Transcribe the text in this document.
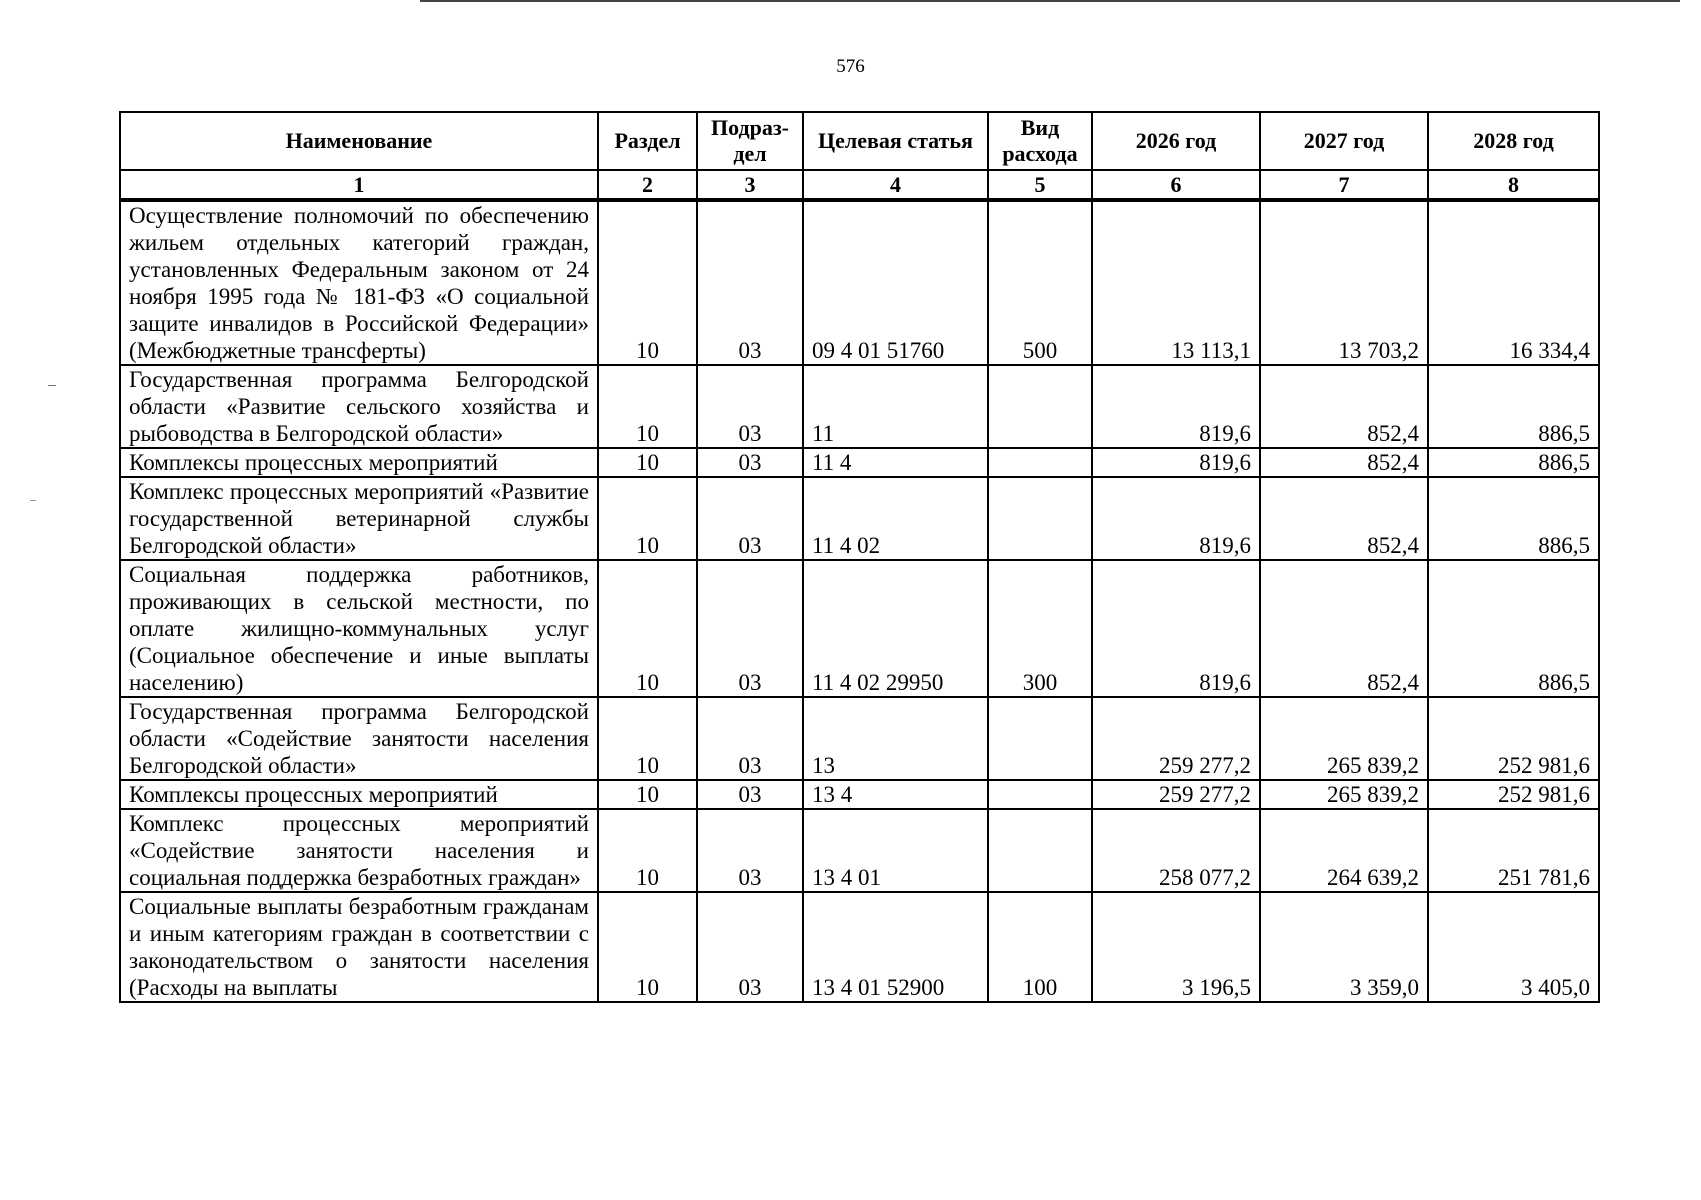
576
Наименование	Раздел	Подраз-дел	Целевая статья	Вид расхода	2026 год	2027 год	2028 год
1	2	3	4	5	6	7	8
Осуществление полномочий по обеспечению жильем отдельных категорий граждан, установленных Федеральным законом от 24 ноября 1995 года № 181-ФЗ «О социальной защите инвалидов в Российской Федерации» (Межбюджетные трансферты)	10	03	09 4 01 51760	500	13 113,1	13 703,2	16 334,4
Государственная программа Белгородской области «Развитие сельского хозяйства и рыбоводства в Белгородской области»	10	03	11		819,6	852,4	886,5
Комплексы процессных мероприятий	10	03	11 4		819,6	852,4	886,5
Комплекс процессных мероприятий «Развитие государственной ветеринарной службы Белгородской области»	10	03	11 4 02		819,6	852,4	886,5
Социальная поддержка работников, проживающих в сельской местности, по оплате жилищно-коммунальных услуг (Социальное обеспечение и иные выплаты населению)	10	03	11 4 02 29950	300	819,6	852,4	886,5
Государственная программа Белгородской области «Содействие занятости населения Белгородской области»	10	03	13		259 277,2	265 839,2	252 981,6
Комплексы процессных мероприятий	10	03	13 4		259 277,2	265 839,2	252 981,6
Комплекс процессных мероприятий «Содействие занятости населения и социальная поддержка безработных граждан»	10	03	13 4 01		258 077,2	264 639,2	251 781,6
Социальные выплаты безработным гражданам и иным категориям граждан в соответствии с законодательством о занятости населения (Расходы на выплаты	10	03	13 4 01 52900	100	3 196,5	3 359,0	3 405,0
